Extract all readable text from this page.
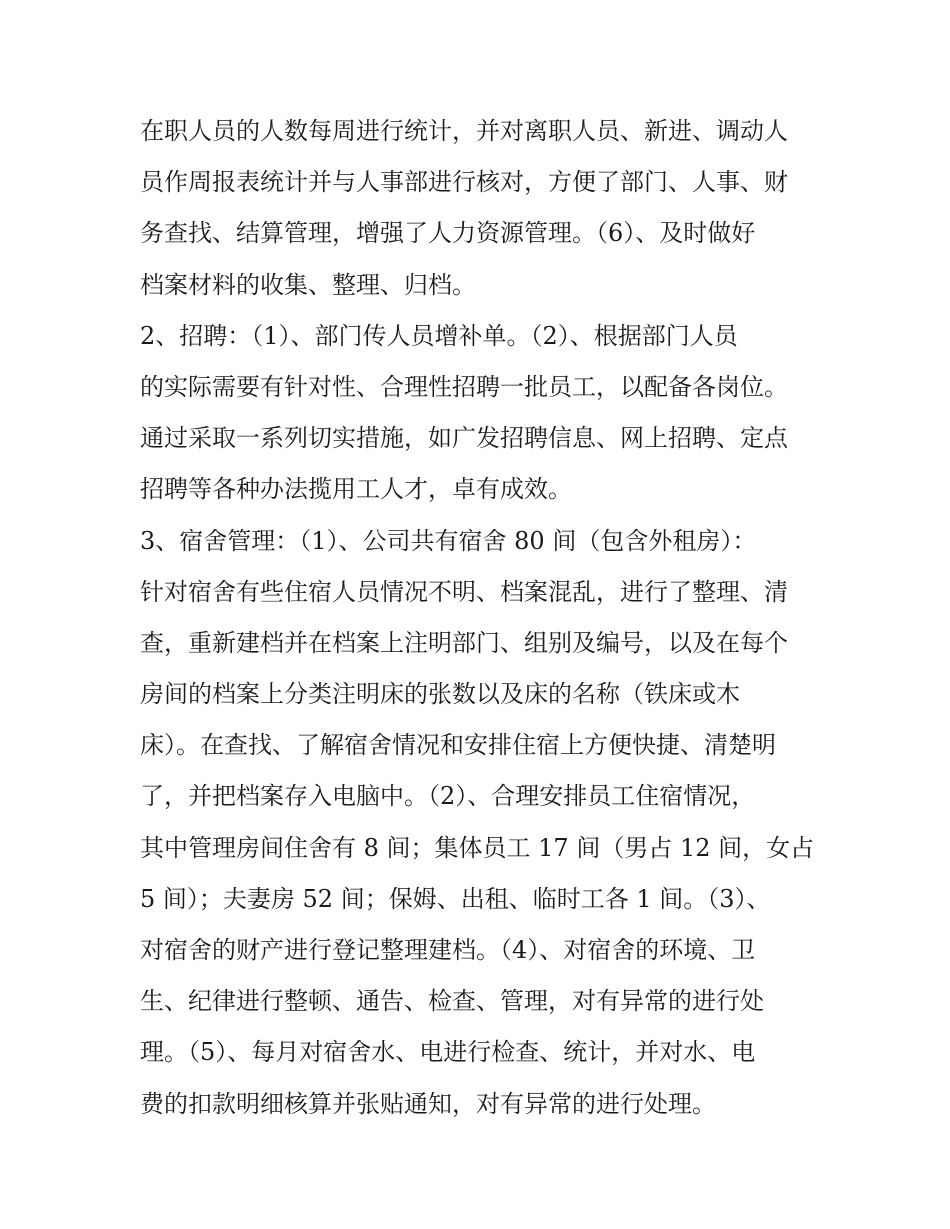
在职人员的人数每周进行统计，并对离职人员、新进、调动人
员作周报表统计并与人事部进行核对，方便了部门、人事、财
务查找、结算管理，增强了人力资源管理。（6）、及时做好
档案材料的收集、整理、归档。
2、招聘：（1）、部门传人员增补单。（2）、根据部门人员
的实际需要有针对性、合理性招聘一批员工，以配备各岗位。
通过采取一系列切实措施，如广发招聘信息、网上招聘、定点
招聘等各种办法揽用工人才，卓有成效。
3、宿舍管理：（1）、公司共有宿舍 80 间（包含外租房）：
针对宿舍有些住宿人员情况不明、档案混乱，进行了整理、清
查，重新建档并在档案上注明部门、组别及编号，以及在每个
房间的档案上分类注明床的张数以及床的名称（铁床或木
床）。在查找、了解宿舍情况和安排住宿上方便快捷、清楚明
了，并把档案存入电脑中。（2）、合理安排员工住宿情况，
其中管理房间住舍有 8 间；集体员工 17 间（男占 12 间，女占
5 间）；夫妻房 52 间；保姆、出租、临时工各 1 间。（3）、
对宿舍的财产进行登记整理建档。（4）、对宿舍的环境、卫
生、纪律进行整顿、通告、检查、管理，对有异常的进行处
理。（5）、每月对宿舍水、电进行检查、统计，并对水、电
费的扣款明细核算并张贴通知，对有异常的进行处理。
